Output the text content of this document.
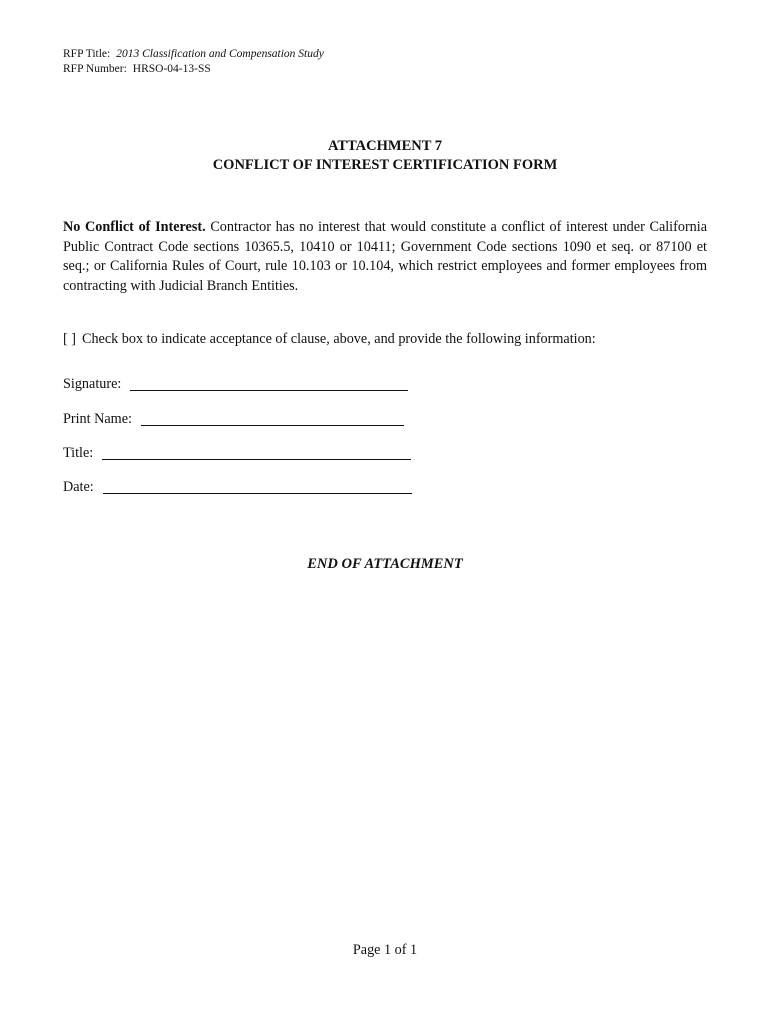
RFP Title: 2013 Classification and Compensation Study
RFP Number: HRSO-04-13-SS
ATTACHMENT 7
CONFLICT OF INTEREST CERTIFICATION FORM
No Conflict of Interest. Contractor has no interest that would constitute a conflict of interest under California Public Contract Code sections 10365.5, 10410 or 10411; Government Code sections 1090 et seq. or 87100 et seq.; or California Rules of Court, rule 10.103 or 10.104, which restrict employees and former employees from contracting with Judicial Branch Entities.
[ ] Check box to indicate acceptance of clause, above, and provide the following information:
Signature:
Print Name:
Title:
Date:
END OF ATTACHMENT
Page 1 of 1
